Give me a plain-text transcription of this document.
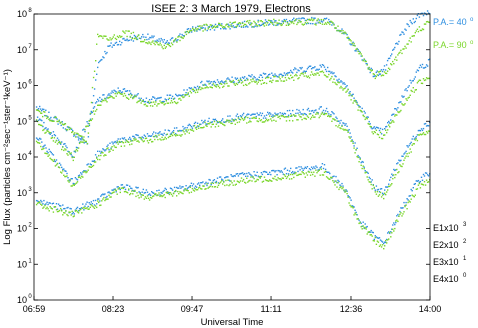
ISEE 2: 3 March 1979, Electrons
06:59	08:23	09:47	11:11	12:36	14:00
10 0
10 1
10 2
10 3
10 4
10 5
10 6
10 7
10 8
Universal Time
Log Flux (particles cm⁻²sec⁻¹ster⁻¹keV⁻¹)
P.A.= 40 o
P.A.= 90 o
E1x10 3
E2x10 2
E3x10 1
E4x10 0
